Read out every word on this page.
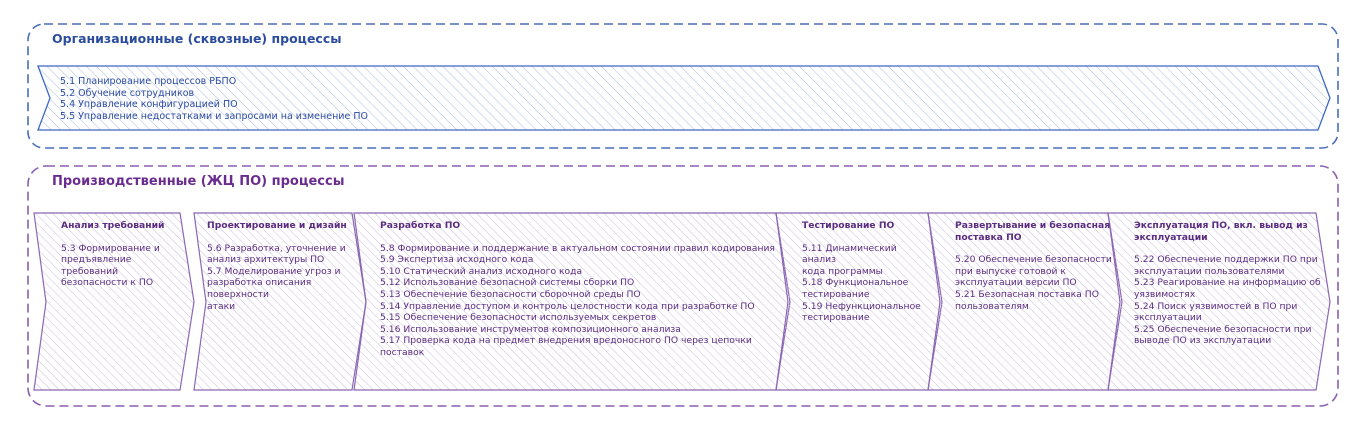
Организационные (сквозные) процессы
5.1 Планирование процессов РБПО
5.2 Обучение сотрудников
5.4 Управление конфигурацией ПО
5.5 Управление недостатками и запросами на изменение ПО
Производственные (ЖЦ ПО) процессы
Анализ требований
5.3 Формирование и
предъявление требований
безопасности к ПО
Проектирование и дизайн
5.6 Разработка, уточнение и
анализ архитектуры ПО
5.7 Моделирование угроз и
разработка описания поверхности
атаки
Разработка ПО
5.8 Формирование и поддержание в актуальном состоянии правил кодирования
5.9 Экспертиза исходного кода
5.10 Статический анализ исходного кода
5.12 Использование безопасной системы сборки ПО
5.13 Обеспечение безопасности сборочной среды ПО
5.14 Управление доступом и контроль целостности кода при разработке ПО
5.15 Обеспечение безопасности используемых секретов
5.16 Использование инструментов композиционного анализа
5.17 Проверка кода на предмет внедрения вредоносного ПО через цепочки поставок
Тестирование ПО
5.11 Динамический анализ
кода программы
5.18 Функциональное
тестирование
5.19 Нефункциональное
тестирование
Развертывание и безопасная
поставка ПО
5.20 Обеспечение безопасности
при выпуске готовой к
эксплуатации версии ПО
5.21 Безопасная поставка ПО
пользователям
Эксплуатация ПО, вкл. вывод из
эксплуатации
5.22 Обеспечение поддержки ПО при
эксплуатации пользователями
5.23 Реагирование на информацию об
уязвимостях
5.24 Поиск уязвимостей в ПО при
эксплуатации
5.25 Обеспечение безопасности при
выводе ПО из эксплуатации
